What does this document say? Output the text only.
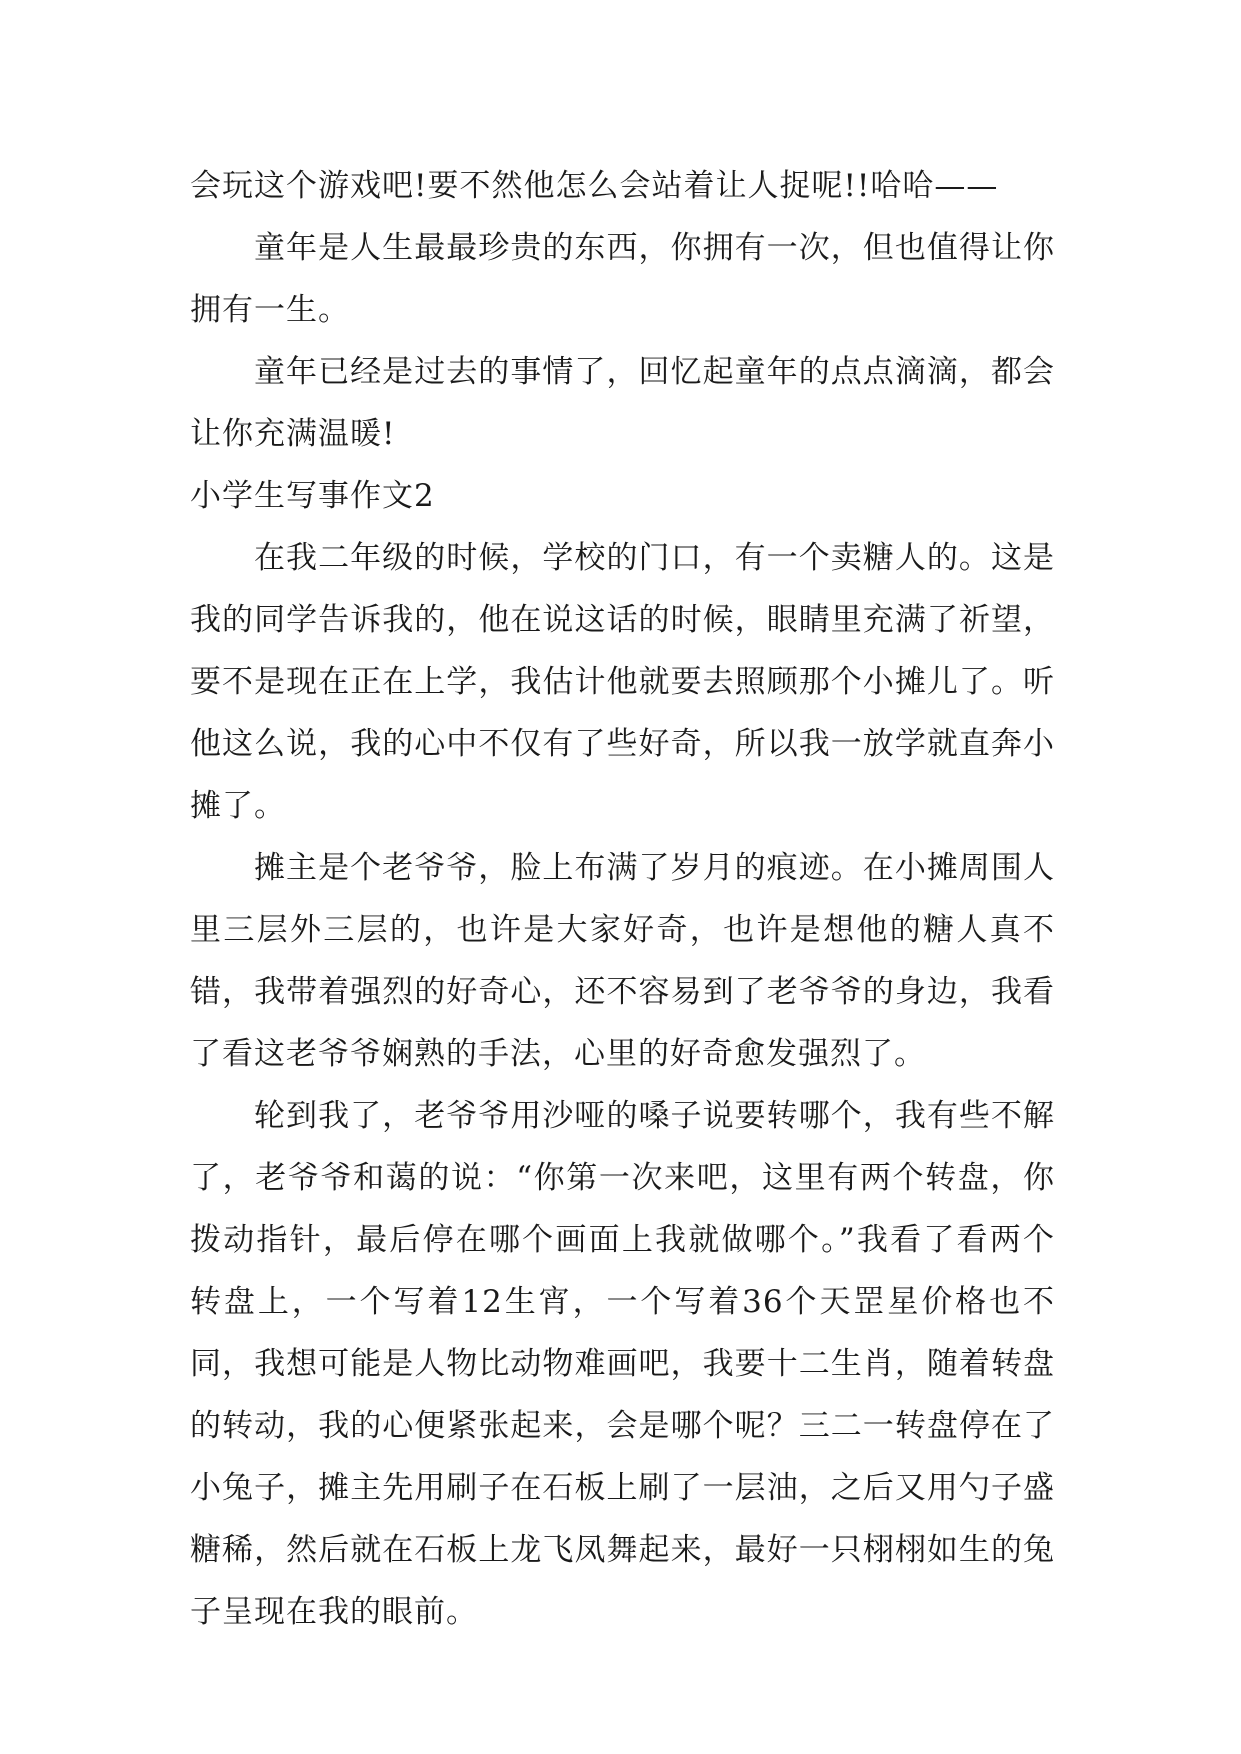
会玩这个游戏吧!要不然他怎么会站着让人捉呢!!哈哈——

童年是人生最最珍贵的东西，你拥有一次，但也值得让你拥有一生。

童年已经是过去的事情了，回忆起童年的点点滴滴，都会让你充满温暖!

小学生写事作文2

在我二年级的时候，学校的门口，有一个卖糖人的。这是我的同学告诉我的，他在说这话的时候，眼睛里充满了祈望，要不是现在正在上学，我估计他就要去照顾那个小摊儿了。听他这么说，我的心中不仅有了些好奇，所以我一放学就直奔小摊了。

摊主是个老爷爷，脸上布满了岁月的痕迹。在小摊周围人里三层外三层的，也许是大家好奇，也许是想他的糖人真不错，我带着强烈的好奇心，还不容易到了老爷爷的身边，我看了看这老爷爷娴熟的手法，心里的好奇愈发强烈了。

轮到我了，老爷爷用沙哑的嗓子说要转哪个，我有些不解了，老爷爷和蔼的说：“你第一次来吧，这里有两个转盘，你拨动指针，最后停在哪个画面上我就做哪个。”我看了看两个转盘上，一个写着12生宵，一个写着36个天罡星价格也不同，我想可能是人物比动物难画吧，我要十二生肖，随着转盘的转动，我的心便紧张起来，会是哪个呢？三二一转盘停在了小兔子，摊主先用刷子在石板上刷了一层油，之后又用勺子盛糖稀，然后就在石板上龙飞凤舞起来，最好一只栩栩如生的兔子呈现在我的眼前。
